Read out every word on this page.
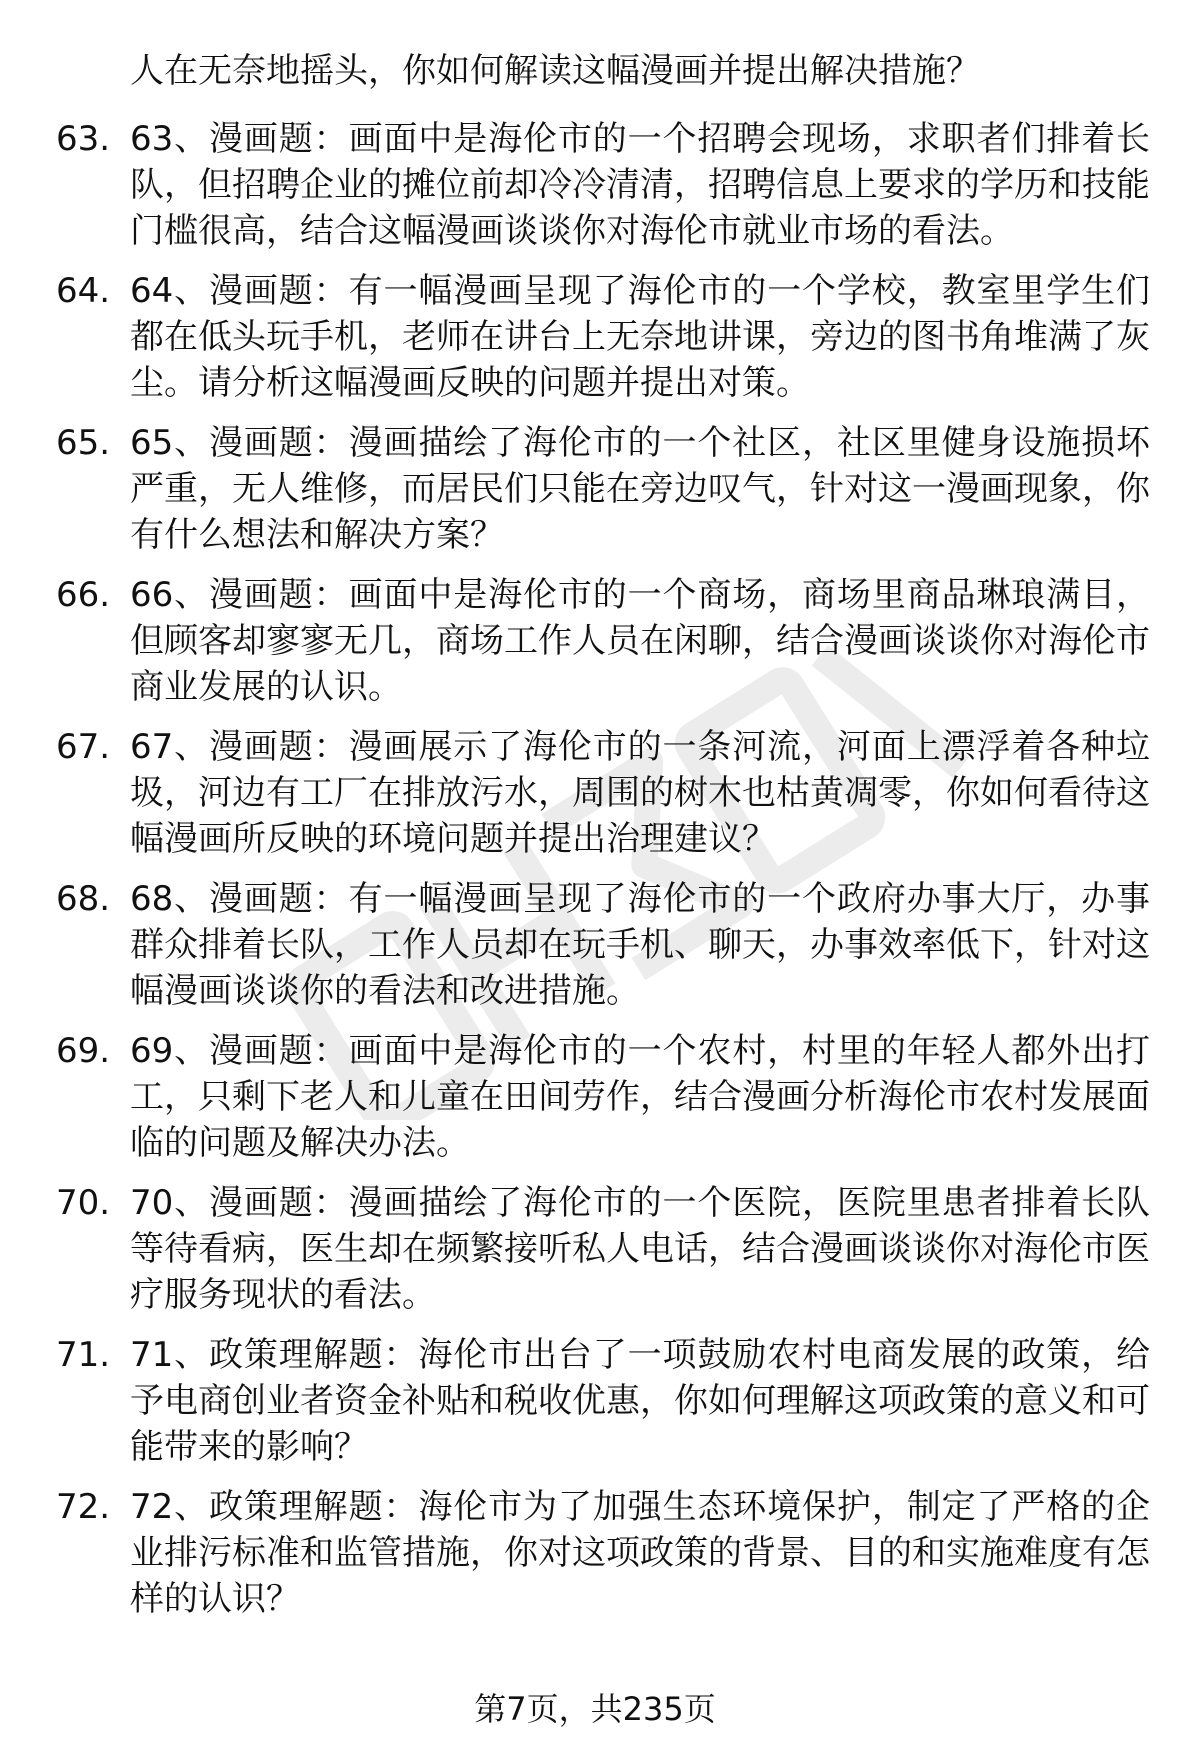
人在无奈地摇头，你如何解读这幅漫画并提出解决措施？

63. 63、漫画题：画面中是海伦市的一个招聘会现场，求职者们排着长队，但招聘企业的摊位前却冷冷清清，招聘信息上要求的学历和技能门槛很高，结合这幅漫画谈谈你对海伦市就业市场的看法。
64. 64、漫画题：有一幅漫画呈现了海伦市的一个学校，教室里学生们都在低头玩手机，老师在讲台上无奈地讲课，旁边的图书角堆满了灰尘。请分析这幅漫画反映的问题并提出对策。
65. 65、漫画题：漫画描绘了海伦市的一个社区，社区里健身设施损坏严重，无人维修，而居民们只能在旁边叹气，针对这一漫画现象，你有什么想法和解决方案？
66. 66、漫画题：画面中是海伦市的一个商场，商场里商品琳琅满目，但顾客却寥寥无几，商场工作人员在闲聊，结合漫画谈谈你对海伦市商业发展的认识。
67. 67、漫画题：漫画展示了海伦市的一条河流，河面上漂浮着各种垃圾，河边有工厂在排放污水，周围的树木也枯黄凋零，你如何看待这幅漫画所反映的环境问题并提出治理建议？
68. 68、漫画题：有一幅漫画呈现了海伦市的一个政府办事大厅，办事群众排着长队，工作人员却在玩手机、聊天，办事效率低下，针对这幅漫画谈谈你的看法和改进措施。
69. 69、漫画题：画面中是海伦市的一个农村，村里的年轻人都外出打工，只剩下老人和儿童在田间劳作，结合漫画分析海伦市农村发展面临的问题及解决办法。
70. 70、漫画题：漫画描绘了海伦市的一个医院，医院里患者排着长队等待看病，医生却在频繁接听私人电话，结合漫画谈谈你对海伦市医疗服务现状的看法。
71. 71、政策理解题：海伦市出台了一项鼓励农村电商发展的政策，给予电商创业者资金补贴和税收优惠，你如何理解这项政策的意义和可能带来的影响？
72. 72、政策理解题：海伦市为了加强生态环境保护，制定了严格的企业排污标准和监管措施，你对这项政策的背景、目的和实施难度有怎样的认识？
第7页，共235页
